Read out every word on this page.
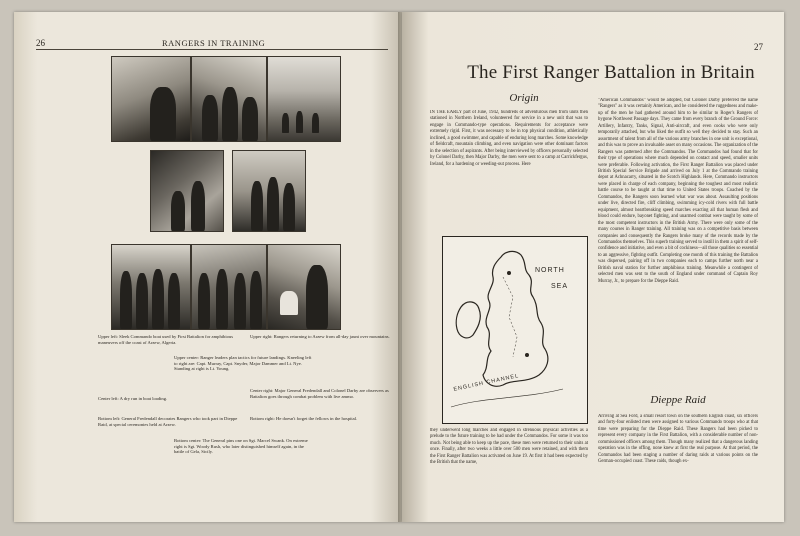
26	RANGERS IN TRAINING
Upper left: Sleek Commando boat used by First Battalion for amphibious maneuvers off the coast of Arzew, Algeria.
Upper right: Rangers returning to Arzew from all-day jaunt over mountains.
Upper center: Ranger leaders plan tactics for future landings. Kneeling left to right are: Capt. Murray, Capt. Snyder, Major Dammer and Lt. Nye. Standing at right is Lt. Young.
Center left: A dry run in boat loading.
Center right: Major General Fredendall and Colonel Darby are observers as Battalion goes through combat problem with live ammo.
Bottom left: General Fredendall decorates Rangers who took part in Dieppe Raid, at special ceremonies held at Arzew.
Bottom right: He doesn't forget the fellows in the hospital.
Bottom center: The General pins one on Sgt. Marcel Swank. On extreme right is Sgt. Woody Rush, who later distinguished himself again, in the battle of Gela, Sicily.
27
The First Ranger Battalion in Britain
Origin
IN THE EARLY part of June, 1942, hundreds of adventurous men from units then stationed in Northern Ireland, volunteered for service in a new unit that was to engage in Commando-type operations. Requirements for acceptance were extremely rigid. First, it was necessary to be in top physical condition, athletically inclined, a good swimmer, and capable of enduring long marches. Some knowledge of fieldcraft, mountain climbing, and even navigation were other dominant factors in the selection of aspirants. After being interviewed by officers personally selected by Colonel Darby, then Major Darby, the men were sent to a camp at Carrickfergus, Ireland, for a hardening or weeding-out process. Here
NORTH
SEA
ENGLISH CHANNEL
they underwent long marches and engaged in strenuous physical activities as a prelude to the future training to be had under the Commandos. For some it was too much. Not being able to keep up the pace, these men were returned to their units at once. Finally, after two weeks a little over 500 men were retained, and with them the First Ranger Battalion was activated on June 19. At first it had been expected by the British that the name,
"American Commandos" would be adopted, but Colonel Darby preferred the name "Rangers" as it was certainly American, and he considered the ruggedness and make-up of the men he had gathered around him to be similar to Roger's Rangers of bygone Northwest Passage days. They came from every branch of the Ground Force: Artillery, Infantry, Tanks, Signal, Anti-aircraft, and even cooks who were only temporarily attached, but who liked the outfit so well they decided to stay. Such an assortment of talent from all of the various army branches in one unit is exceptional, and this was to prove an invaluable asset on many occasions. The organization of the Rangers was patterned after the Commandos. The Commandos had found that for their type of operations where much depended on contact and speed, smaller units were preferable. Following activation, the First Ranger Battalion was placed under British Special Service Brigade and arrived on July 1 at the Commando training depot at Achnacarry, situated in the Scotch Highlands. Here, Commando instructors were placed in charge of each company, beginning the toughest and most realistic battle course to be taught at that time to United States troops. Coached by the Commandos, the Rangers soon learned what war was about. Assaulting positions under live, directed fire, cliff climbing, swimming icy-cold rivers with full battle equipment, almost heartbreaking speed marches exacting all that human flesh and blood could endure, bayonet fighting, and unarmed combat were taught by some of the most competent instructors in the British Army. There were only some of the many courses in Ranger training. All training was on a competitive basis between companies and consequently the Rangers broke many of the records made by the Commandos themselves. This superb training served to instill in them a spirit of self-confidence and initiative, and even a bit of cockiness—all those qualities so essential to an aggressive, fighting outfit. Completing one month of this training the Battalion was dispersed, pairing off in two companies each to camps further north near a British naval station for further amphibious training. Meanwhile a contingent of selected men was sent to the south of England under command of Captain Roy Murray, Jr., to prepare for the Dieppe Raid.
Dieppe Raid
Arriving at Sea Ford, a small resort town on the southern English coast, six officers and forty-four enlisted men were assigned to various Commando troops who at that time were preparing for the Dieppe Raid. These Rangers had been picked to represent every company in the First Battalion, with a considerable number of non-commissioned officers among them. Though many realized that a dangerous landing operation was in the offing, none knew at first the real purpose. At that period, the Commandos had been staging a number of daring raids at various points on the German-occupied coast. These raids, though ex-
